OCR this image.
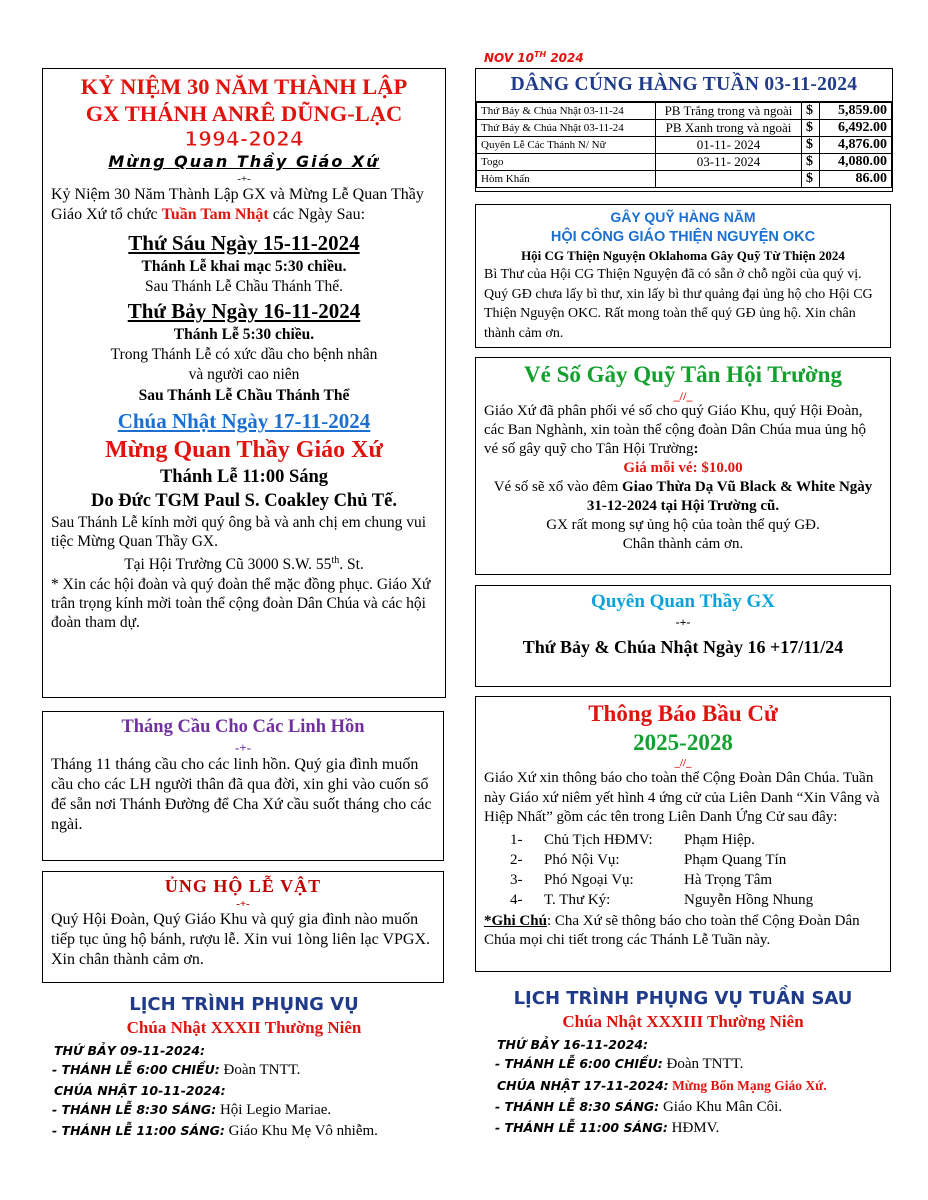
NOV 10TH 2024
KỶ NIỆM 30 NĂM THÀNH LẬP
GX THÁNH ANRÊ DŨNG-LẠC
1994-2024
Mừng Quan Thầy Giáo Xứ
-+-

Kỷ Niệm 30 Năm Thành Lập GX và Mừng Lễ Quan Thầy Giáo Xứ tổ chức Tuần Tam Nhật các Ngày Sau:

Thứ Sáu Ngày 15-11-2024
Thánh Lễ khai mạc 5:30 chiều.
Sau Thánh Lễ Chầu Thánh Thể.
Thứ Bảy Ngày 16-11-2024
Thánh Lễ 5:30 chiều.
Trong Thánh Lễ có xức dầu cho bệnh nhân
và người cao niên
Sau Thánh Lễ Chầu Thánh Thể
Chúa Nhật Ngày 17-11-2024
Mừng Quan Thầy Giáo Xứ
Thánh Lễ 11:00 Sáng
Do Đức TGM Paul S. Coakley Chủ Tế.

Sau Thánh Lễ kính mời quý ông bà và anh chị em chung vui tiệc Mừng Quan Thầy GX.

Tại Hội Trường Cũ 3000 S.W. 55th. St.

* Xin các hội đoàn và quý đoàn thể mặc đồng phục. Giáo Xứ trân trọng kính mời toàn thể cộng đoàn Dân Chúa và các hội đoàn tham dự.

Tháng Cầu Cho Các Linh Hồn
-+-

Tháng 11 tháng cầu cho các linh hồn. Quý gia đình muốn cầu cho các LH người thân đã qua đời, xin ghi vào cuốn sổ để sẵn nơi Thánh Đường để Cha Xứ cầu suốt tháng cho các ngài.

ỦNG HỘ LỄ VẬT
-+-

Quý Hội Đoàn, Quý Giáo Khu và quý gia đình nào muốn tiếp tục ủng hộ bánh, rượu lễ. Xin vui 1òng liên lạc VPGX. Xin chân thành cảm ơn.

LỊCH TRÌNH PHỤNG VỤ
Chúa Nhật XXXII Thường Niên
THỨ BẢY 09-11-2024:
- THÁNH LỄ 6:00 CHIỀU: Đoàn TNTT.
CHÚA NHẬT 10-11-2024:
- THÁNH LỄ 8:30 SÁNG: Hội Legio Mariae.
- THÁNH LỄ 11:00 SÁNG: Giáo Khu Mẹ Vô nhiễm.
DÂNG CÚNG HÀNG TUẦN 03-11-2024
Thứ Bảy & Chúa Nhật 03-11-24	PB Trắng trong và ngoài	$	5,859.00
Thứ Bảy & Chúa Nhật 03-11-24	PB Xanh trong và ngoài	$	6,492.00
Quyên Lễ Các Thánh N/ Nữ	01-11- 2024	$	4,876.00
Togo	03-11- 2024	$	4,080.00
Hòm Khấn		$	86.00
GÂY QUỸ HÀNG NĂM
HỘI CÔNG GIÁO THIỆN NGUYỆN OKC
Hội CG Thiện Nguyện Oklahoma Gây Quỹ Từ Thiện 2024

Bì Thư của Hội CG Thiện Nguyện đã có sẵn ở chỗ ngồi của quý vị. Quý GĐ chưa lấy bì thư, xin lấy bì thư quảng đại ủng hộ cho Hội CG Thiện Nguyện OKC. Rất mong toàn thể quý GĐ ủng hộ. Xin chân thành cảm ơn.

Vé Số Gây Quỹ Tân Hội Trường
_//_

Giáo Xứ đã phân phối vé số cho quý Giáo Khu, quý Hội Đoàn, các Ban Nghành, xin toàn thể cộng đoàn Dân Chúa mua ủng hộ vé số gây quỹ cho Tân Hội Trường:

Giá mỗi vé: $10.00
Vé số sẽ xổ vào đêm Giao Thừa Dạ Vũ Black & White Ngày 31-12-2024 tại Hội Trường cũ.
GX rất mong sự ủng hộ của toàn thể quý GĐ.
Chân thành cảm ơn.
Quyên Quan Thầy GX
-+-
Thứ Bảy & Chúa Nhật Ngày 16 +17/11/24
Thông Báo Bầu Cử
2025-2028
_//_

Giáo Xứ xin thông báo cho toàn thể Cộng Đoàn Dân Chúa. Tuần này Giáo xứ niêm yết hình 4 ứng cử của Liên Danh “Xin Vâng và Hiệp Nhất” gồm các tên trong Liên Danh Ứng Cử sau đây:

1-	Chủ Tịch HĐMV:	Phạm Hiệp.
2-	Phó Nội Vụ:	Phạm Quang Tín
3-	Phó Ngoại Vụ:	Hà Trọng Tâm
4-	T. Thư Ký:	Nguyễn Hồng Nhung

*Ghi Chú: Cha Xứ sẽ thông báo cho toàn thể Cộng Đoàn Dân Chúa mọi chi tiết trong các Thánh Lễ Tuần này.

LỊCH TRÌNH PHỤNG VỤ TUẦN SAU
Chúa Nhật XXXIII Thường Niên
THỨ BẢY 16-11-2024:
- THÁNH LỄ 6:00 CHIỀU: Đoàn TNTT.
CHÚA NHẬT 17-11-2024: Mừng Bổn Mạng Giáo Xứ.
- THÁNH LỄ 8:30 SÁNG: Giáo Khu Mân Côi.
- THÁNH LỄ 11:00 SÁNG: HĐMV.
